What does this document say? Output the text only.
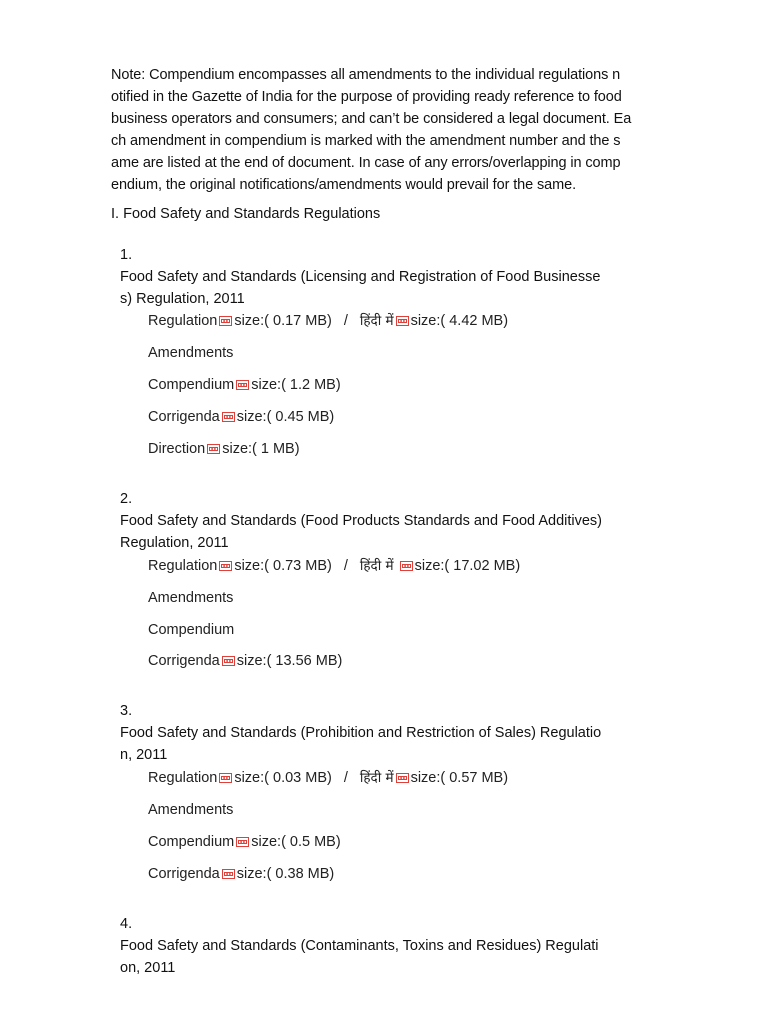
Note: Compendium encompasses all amendments to the individual regulations n
otified in the Gazette of India for the purpose of providing ready reference to food
business operators and consumers; and can’t be considered a legal document. Ea
ch amendment in compendium is marked with the amendment number and the s
ame are listed at the end of document. In case of any errors/overlapping in comp
endium, the original notifications/amendments would prevail for the same.
I. Food Safety and Standards Regulations
1.
Food Safety and Standards (Licensing and Registration of Food Businesse
s) Regulation, 2011
Regulation size:( 0.17 MB) / हिंदी में size:( 4.42 MB)
Amendments
Compendium size:( 1.2 MB)
Corrigenda size:( 0.45 MB)
Direction size:( 1 MB)
2.
Food Safety and Standards (Food Products Standards and Food Additives)
Regulation, 2011
Regulation size:( 0.73 MB) / हिंदी में size:( 17.02 MB)
Amendments
Compendium
Corrigenda size:( 13.56 MB)
3.
Food Safety and Standards (Prohibition and Restriction of Sales) Regulatio
n, 2011
Regulation size:( 0.03 MB) / हिंदी में size:( 0.57 MB)
Amendments
Compendium size:( 0.5 MB)
Corrigenda size:( 0.38 MB)
4.
Food Safety and Standards (Contaminants, Toxins and Residues) Regulati
on, 2011
